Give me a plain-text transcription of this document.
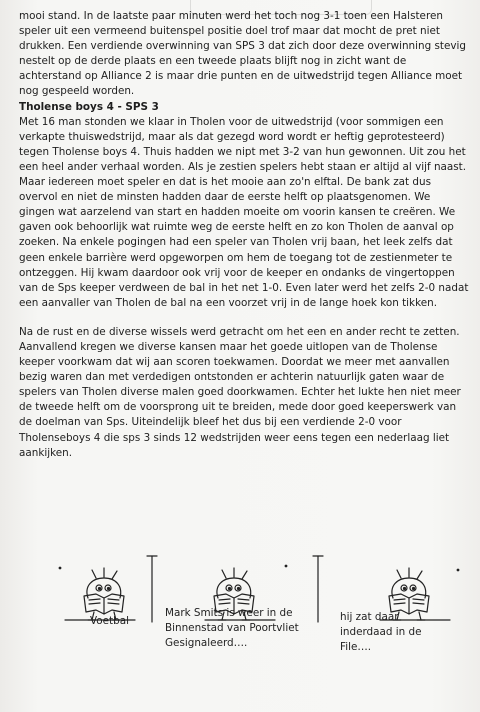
mooi stand. In de laatste paar minuten werd het toch nog 3-1 toen een Halsteren speler uit een vermeend buitenspel positie doel trof maar dat mocht de pret niet drukken. Een verdiende overwinning van SPS 3 dat zich door deze overwinning stevig nestelt op de derde plaats en een tweede plaats blijft nog in zicht want de achterstand op Alliance 2 is maar drie punten en de uitwedstrijd tegen Alliance moet nog gespeeld worden.

Tholense boys 4 - SPS 3

Met 16 man stonden we klaar in Tholen voor de uitwedstrijd (voor sommigen een verkapte thuiswedstrijd, maar als dat gezegd word wordt er heftig geprotesteerd) tegen Tholense boys 4. Thuis hadden we nipt met 3-2 van hun gewonnen. Uit zou het een heel ander verhaal worden. Als je zestien spelers hebt staan er altijd al vijf naast. Maar iedereen moet speler en dat is het mooie aan zo'n elftal. De bank zat dus overvol en niet de minsten hadden daar de eerste helft op plaatsgenomen. We gingen wat aarzelend van start en hadden moeite om voorin kansen te creëren. We gaven ook behoorlijk wat ruimte weg de eerste helft en zo kon Tholen de aanval op zoeken. Na enkele pogingen had een speler van Tholen vrij baan, het leek zelfs dat geen enkele barrière werd opgeworpen om hem de toegang tot de zestienmeter te ontzeggen. Hij kwam daardoor ook vrij voor de keeper en ondanks de vingertoppen van de Sps keeper verdween de bal in het net 1-0. Even later werd het zelfs 2-0 nadat een aanvaller van Tholen de bal na een voorzet vrij in de lange hoek kon tikken.

Na de rust en de diverse wissels werd getracht om het een en ander recht te zetten. Aanvallend kregen we diverse kansen maar het goede uitlopen van de Tholense keeper voorkwam dat wij aan scoren toekwamen. Doordat we meer met aanvallen bezig waren dan met verdedigen ontstonden er achterin natuurlijk gaten waar de spelers van Tholen diverse malen goed doorkwamen. Echter het lukte hen niet meer de tweede helft om de voorsprong uit te breiden, mede door goed keeperswerk van de doelman van Sps. Uiteindelijk bleef het dus bij een verdiende 2-0 voor Tholenseboys 4 die sps 3 sinds 12 wedstrijden weer eens tegen een nederlaag liet aankijken.

Voetbal
Mark Smits is weer in de Binnenstad van Poortvliet Gesignaleerd….
hij zat daar inderdaad in de File….
